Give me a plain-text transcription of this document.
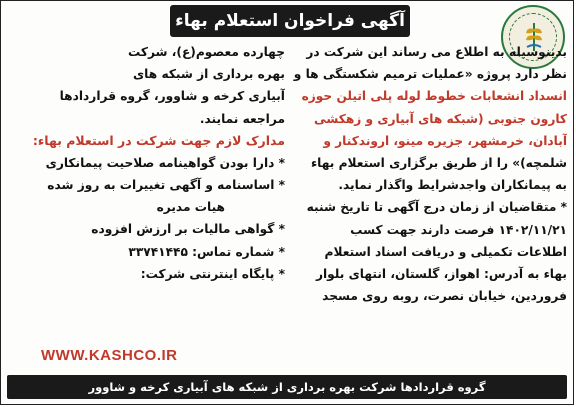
آگهی فراخوان استعلام بهاء
بدینوسیله به اطلاع می رساند این شرکت در
نظر دارد پروژه «عملیات ترمیم شکستگی ها و
انسداد انشعابات خطوط لوله پلی اتیلن حوزه
کارون جنوبی (شبکه های آبیاری و زهکشی
آبادان، خرمشهر، جزیره مینو، اروندکنار و
شلمچه)» را از طریق برگزاری استعلام بهاء
به پیمانکاران واجدشرایط واگذار نماید.
* متقاضیان از زمان درج آگهی تا تاریخ شنبه
۱۴۰۲/۱۱/۲۱ فرصت دارند جهت کسب
اطلاعات تکمیلی و دریافت اسناد استعلام
بهاء به آدرس: اهواز، گلستان، انتهای بلوار
فروردین، خیابان نصرت، روبه روی مسجد
چهارده معصوم(ع)، شرکت
بهره برداری از شبکه های
آبیاری کرخه و شاوور، گروه قراردادها
مراجعه نمایند.
مدارک لازم جهت شرکت در استعلام بهاء:
* دارا بودن گواهینامه صلاحیت پیمانکاری
* اساسنامه و آگهی تغییرات به روز شده
هیات مدیره
* گواهی مالیات بر ارزش افزوده
* شماره تماس: ۳۳۷۴۱۴۴۵
* پایگاه اینترنتی شرکت:
WWW.KASHCO.IR
گروه قراردادها شرکت بهره برداری از شبکه های آبیاری کرخه و شاوور
